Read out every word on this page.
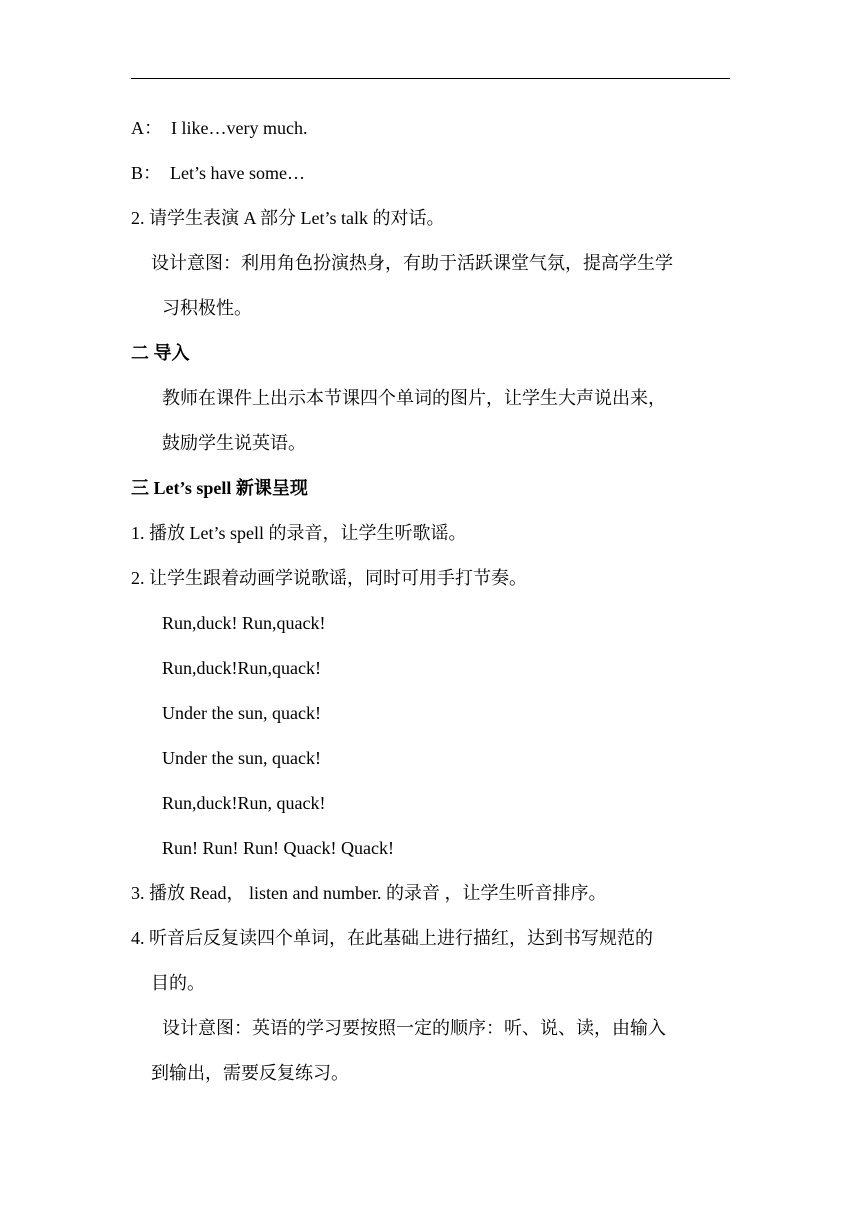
A：　I like…very much.
B：　Let’s have some…
2. 请学生表演 A 部分 Let’s talk 的对话。
设计意图：利用角色扮演热身，有助于活跃课堂气氛，提高学生学
习积极性。
二 导入
教师在课件上出示本节课四个单词的图片，让学生大声说出来，
鼓励学生说英语。
三 Let’s spell 新课呈现
1. 播放 Let’s spell 的录音，让学生听歌谣。
2. 让学生跟着动画学说歌谣，同时可用手打节奏。
Run,duck! Run,quack!
Run,duck!Run,quack!
Under the sun, quack!
Under the sun, quack!
Run,duck!Run, quack!
Run! Run! Run! Quack! Quack!
3. 播放 Read， listen and number. 的录音 ，让学生听音排序。
4. 听音后反复读四个单词，在此基础上进行描红，达到书写规范的
目的。
设计意图：英语的学习要按照一定的顺序：听、说、读，由输入
到输出，需要反复练习。
